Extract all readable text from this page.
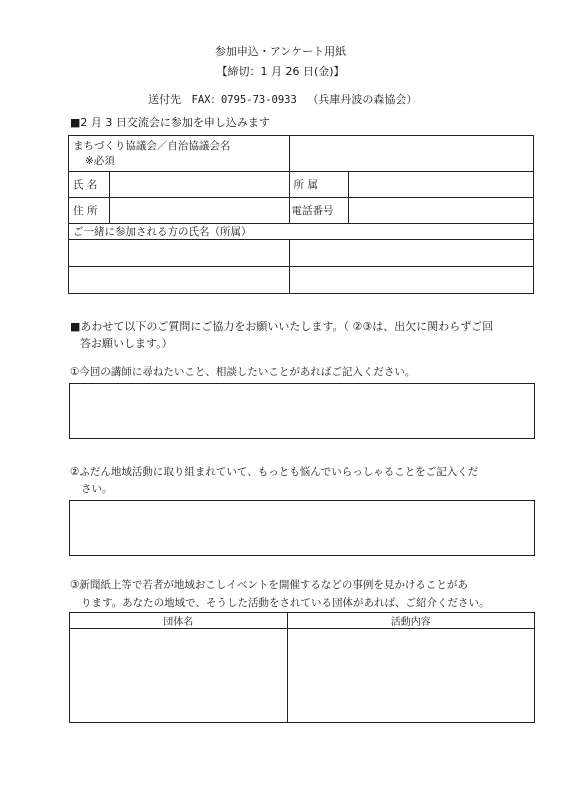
参加申込・アンケート用紙
【締切：1 月 26 日(金)】
送付先 FAX：0795-73-0933 （兵庫丹波の森協会）
■2 月 3 日交流会に参加を申し込みます
まちづくり協議会／自治協議会名
※必須			
氏 名		所 属	
住 所		電話番号	
ご一緒に参加される方の氏名（所属）			

■あわせて以下のご質問にご協力をお願いいたします。（ ②③は、出欠に関わらずご回
答お願いします。）
①今回の講師に尋ねたいこと、相談したいことがあればご記入ください。
②ふだん地域活動に取り組まれていて、もっとも悩んでいらっしゃることをご記入くだ
さい。
③新聞紙上等で若者が地域おこしイベントを開催するなどの事例を見かけることがあ
ります。あなたの地域で、そうした活動をされている団体があれば、ご紹介ください。
団体名	活動内容
